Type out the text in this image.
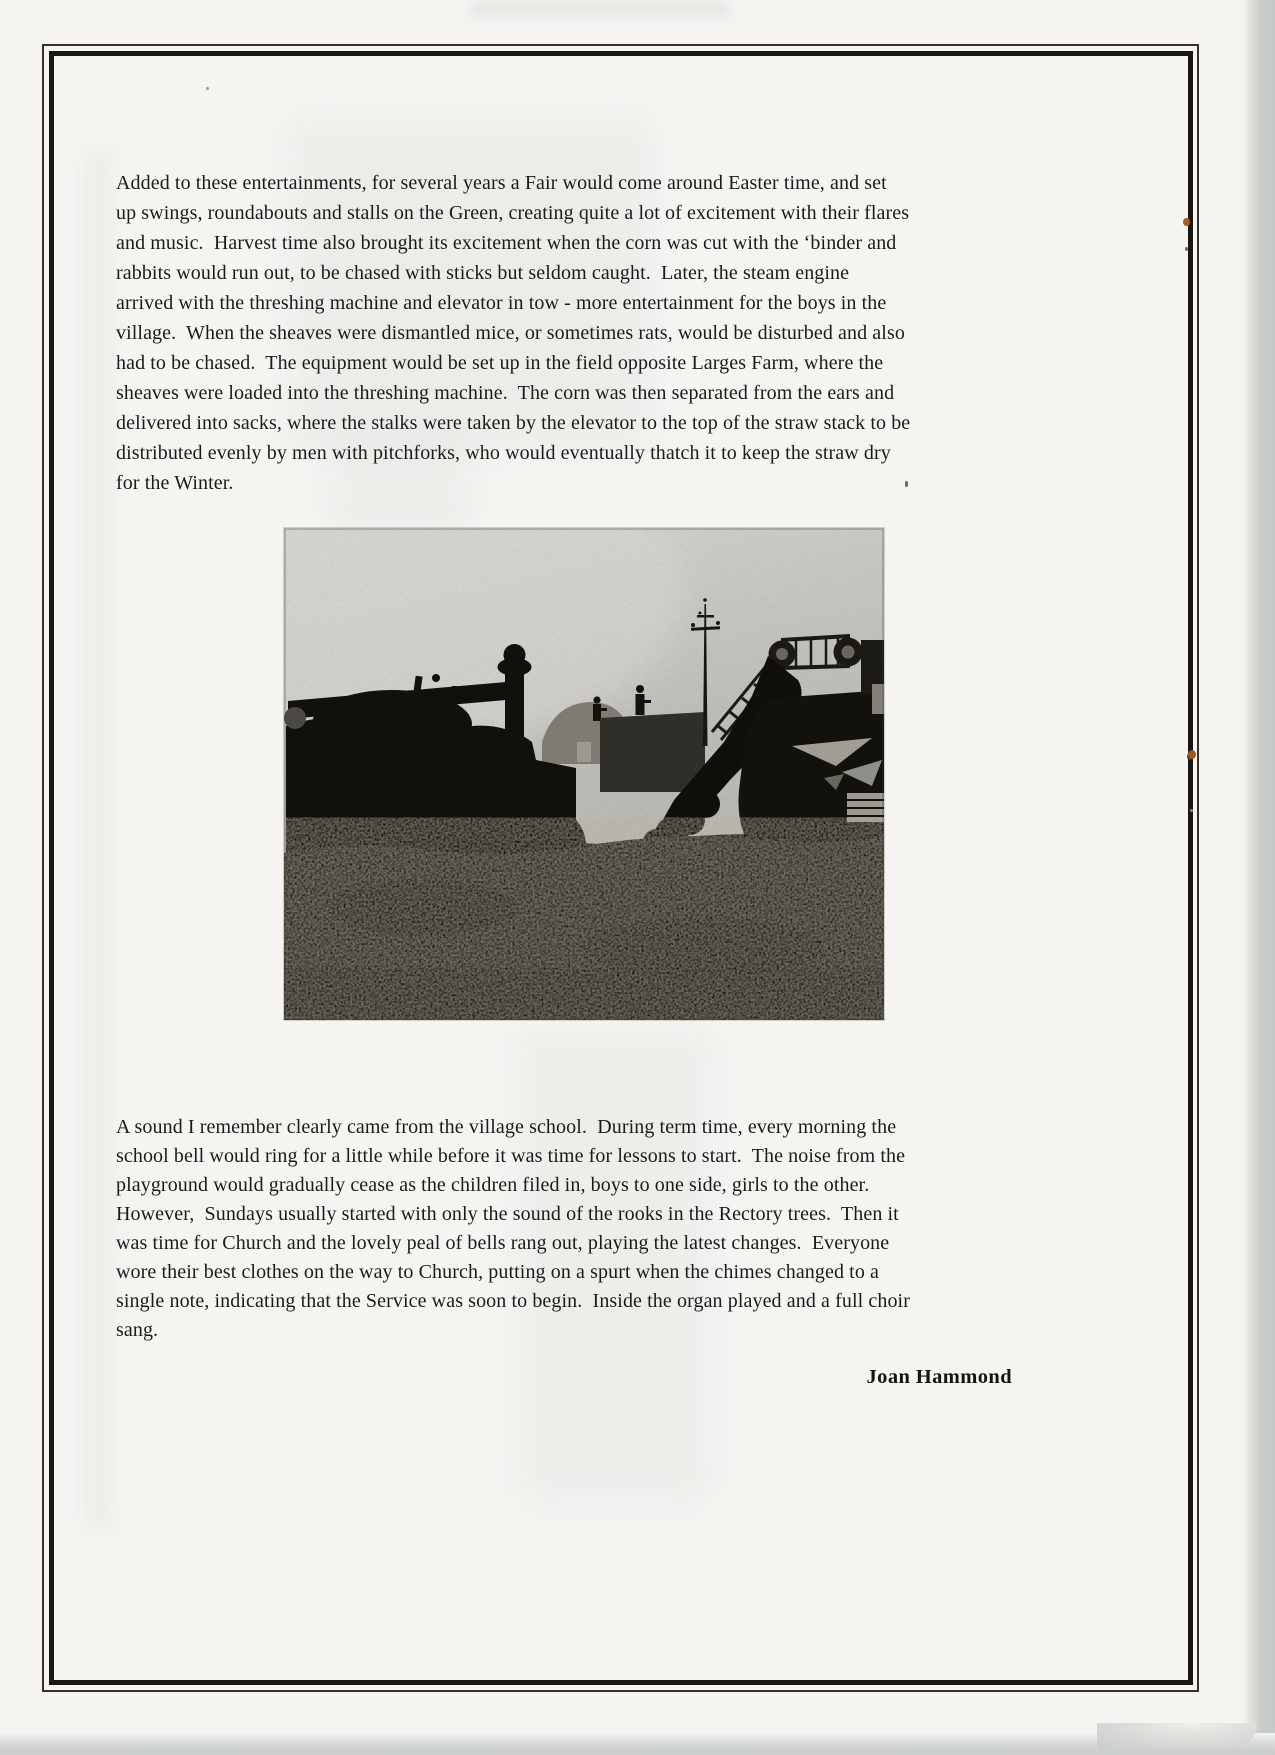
Added to these entertainments, for several years a Fair would come around Easter time, and set
up swings, roundabouts and stalls on the Green, creating quite a lot of excitement with their flares
and music.  Harvest time also brought its excitement when the corn was cut with the ‘binder and
rabbits would run out, to be chased with sticks but seldom caught.  Later, the steam engine
arrived with the threshing machine and elevator in tow - more entertainment for the boys in the
village.  When the sheaves were dismantled mice, or sometimes rats, would be disturbed and also
had to be chased.  The equipment would be set up in the field opposite Larges Farm, where the
sheaves were loaded into the threshing machine.  The corn was then separated from the ears and
delivered into sacks, where the stalks were taken by the elevator to the top of the straw stack to be
distributed evenly by men with pitchforks, who would eventually thatch it to keep the straw dry
for the Winter.
A sound I remember clearly came from the village school.  During term time, every morning the
school bell would ring for a little while before it was time for lessons to start.  The noise from the
playground would gradually cease as the children filed in, boys to one side, girls to the other.
However,  Sundays usually started with only the sound of the rooks in the Rectory trees.  Then it
was time for Church and the lovely peal of bells rang out, playing the latest changes.  Everyone
wore their best clothes on the way to Church, putting on a spurt when the chimes changed to a
single note, indicating that the Service was soon to begin.  Inside the organ played and a full choir
sang.
Joan Hammond
